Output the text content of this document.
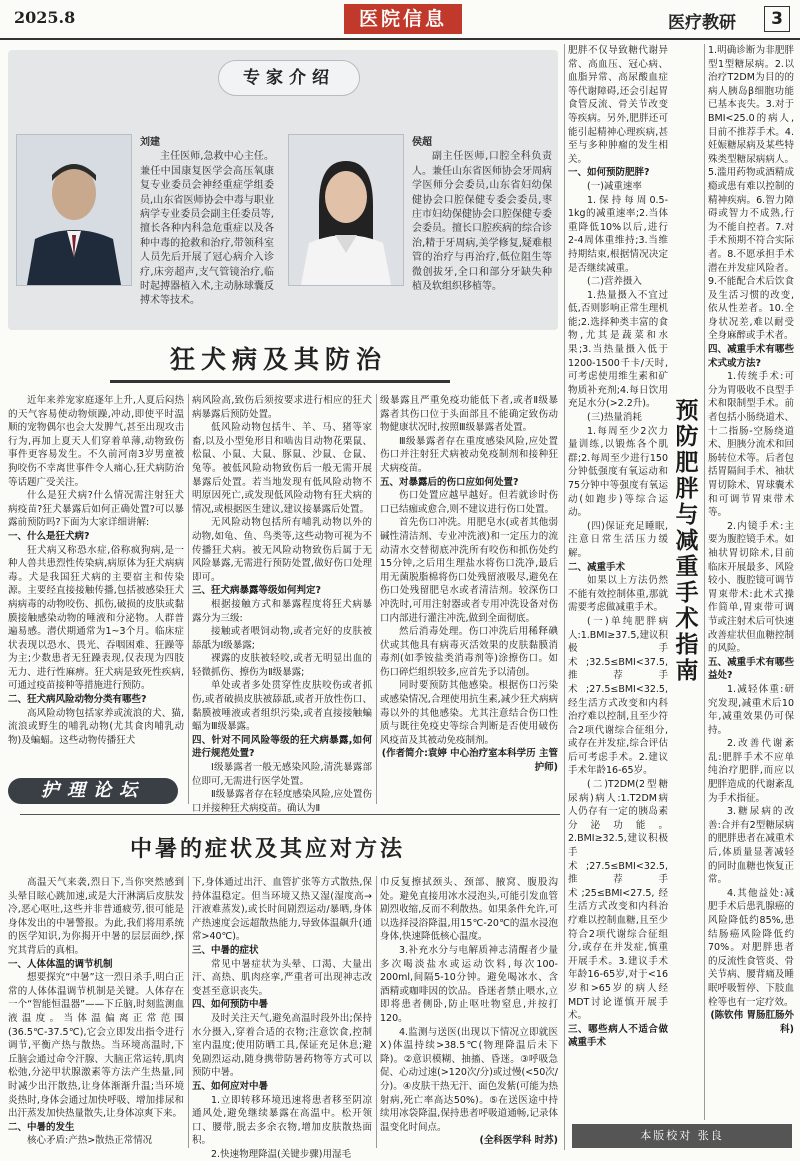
2025.8	医院信息	医疗教研	3
专家介绍

刘建

主任医师,急救中心主任。兼任中国康复医学会高压氧康复专业委员会神经重症学组委员,山东省医师协会中毒与职业病学专业委员会副主任委员等,擅长各种内科急危重症以及各种中毒的抢救和治疗,带领科室人员先后开展了冠心病介入诊疗,床旁超声,支气管镜治疗,临时起搏器植入术,主动脉球囊反搏术等技术。

侯超

副主任医师,口腔全科负责人。兼任山东省医师协会牙周病学医师分会委员,山东省妇幼保健协会口腔保健专委会委员,枣庄市妇幼保健协会口腔保健专委会委员。擅长口腔疾病的综合诊治,精于牙周病,美学修复,疑难根管的治疗与再治疗,低位阻生等微创拔牙,全口和部分牙缺失种植及软组织移植等。

狂犬病及其防治

近年来养宠家庭逐年上升,人夏后闷热的天气容易使动物烦躁,冲动,即使平时温顺的宠物偶尔也会大发脾气,甚至出现攻击行为,再加上夏天人们穿着单薄,动物致伤事件更容易发生。不久前河南3岁男童被狗咬伤不幸离世事件令人痛心,狂犬病防治等话题广受关注。

什么是狂犬病?什么情况需注射狂犬病疫苗?狂犬暴露后如何正确处置?可以暴露前预防吗?下面为大家详细讲解:

一、什么是狂犬病?

狂犬病又称恐水症,俗称疯狗病,是一种人兽共患烈性传染病,病原体为狂犬病病毒。犬是我国狂犬病的主要宿主和传染源。主要经直接接触传播,包括被感染狂犬病病毒的动物咬伤、抓伤,破损的皮肤或黏膜接触感染动物的唾液和分泌物。人群普遍易感。潜伏期通常为1~3个月。临床症状表现以恐水、畏光、吞咽困难、狂躁等为主;少数患者无狂躁表现,仅表现为四肢无力、进行性麻痹。狂犬病是致死性疾病,可通过疫苗接种等措施进行预防。

二、狂犬病风险动物分类有哪些?

高风险动物包括家养或流浪的犬、猫,流浪或野生的哺乳动物(尤其食肉哺乳动物)及蝙蝠。这些动物传播狂犬

病风险高,致伤后须按要求进行相应的狂犬病暴露后预防处置。

低风险动物包括牛、羊、马、猪等家畜,以及小型兔形目和啮齿目动物花栗鼠、松鼠、小鼠、大鼠、豚鼠、沙鼠、仓鼠、兔等。被低风险动物致伤后一般无需开展暴露后处置。若当地发现有低风险动物不明原因死亡,或发现低风险动物有狂犬病的情况,或根据医生建议,建议接暴露后处置。

无风险动物包括所有哺乳动物以外的动物,如龟、鱼、鸟类等,这些动物可视为不传播狂犬病。被无风险动物致伤后属于无风险暴露,无需进行预防处置,做好伤口处理即可。

三、狂犬病暴露等级如何判定?

根据接触方式和暴露程度将狂犬病暴露分为三级:

接触或者喂饲动物,或者完好的皮肤被舔舐为Ⅰ级暴露;

裸露的皮肤被轻咬,或者无明显出血的轻微抓伤、擦伤为Ⅱ级暴露;

单处或者多处贯穿性皮肤咬伤或者抓伤,或者破损皮肤被舔舐,或者开放性伤口、黏膜被唾液或者组织污染,或者直接接触蝙蝠为Ⅲ级暴露。

四、针对不同风险等级的狂犬病暴露,如何进行规范处置?

Ⅰ级暴露者一般无感染风险,清洗暴露部位即可,无需进行医学处置。

Ⅱ级暴露者存在轻度感染风险,应处置伤口并接种狂犬病疫苗。确认为Ⅱ

级暴露且严重免疫功能低下者,或者Ⅱ级暴露者其伤口位于头面部且不能确定致伤动物健康状况时,按照Ⅲ级暴露者处置。

Ⅲ级暴露者存在重度感染风险,应处置伤口并注射狂犬病被动免疫制剂和接种狂犬病疫苗。

五、对暴露后的伤口应如何处置?

伤口处置应越早越好。但若就诊时伤口已结痂或愈合,则不建议进行伤口处置。

首先伤口冲洗。用肥皂水(或者其他弱碱性清洁剂、专业冲洗液)和一定压力的流动清水交替彻底冲洗所有咬伤和抓伤处约15分钟,之后用生理盐水将伤口洗净,最后用无菌脱脂棉将伤口处残留液吸尽,避免在伤口处残留肥皂水或者清洁剂。较深伤口冲洗时,可用注射器或者专用冲洗设备对伤口内部进行灌注冲洗,做到全面彻底。

然后消毒处理。伤口冲洗后用稀释碘伏或其他具有病毒灭活效果的皮肤黏膜消毒剂(如季铵盐类消毒剂等)涂擦伤口。如伤口碎烂组织较多,应首先予以清创。

同时要预防其他感染。根据伤口污染或感染情况,合理使用抗生素,减少狂犬病病毒以外的其他感染。尤其注意结合伤口性质与既往免疫史等综合判断是否使用破伤风疫苗及其被动免疫制剂。

(作者简介:袁婷 中心治疗室本科学历 主管护师)

护理论坛
中暑的症状及其应对方法

高温天气来袭,烈日下,当你突然感到头晕目眩心跳加速,或是大汗淋漓后皮肤发冷,恶心呕吐,这些并非普通疲劳,很可能是身体发出的中暑警报。为此,我们将用系统的医学知识,为你揭开中暑的层层面纱,探究其背后的真相。

一、人体体温的调节机制

想要探究“中暑”这一烈日杀手,明白正常的人体体温调节机制是关键。人体存在一个“智能恒温器”——下丘脑,时刻监测血液温度。当体温偏离正常范围(36.5℃-37.5℃),它会立即发出指令进行调节,平衡产热与散热。当环境高温时,下丘脑会通过命令汗腺、大脑正常运转,肌肉松弛,分泌甲状腺激素等方法产生热量,同时减少出汗散热,让身体渐渐升温;当环境炎热时,身体会通过加快呼吸、增加排尿和出汗蒸发加快热量散失,让身体凉爽下来。

二、中暑的发生

核心矛盾:产热>散热正常情况

下,身体通过出汗、血管扩张等方式散热,保持体温稳定。但当环境又热又湿(湿度高→汗液难蒸发),或长时间剧烈运动/暴晒,身体产热速度会远超散热能力,导致体温飙升(通常>40℃)。

三、中暑的症状

常见中暑症状为头晕、口渴、大量出汗、高热、肌肉痉挛,严重者可出现神志改变甚至意识丧失。

四、如何预防中暑

及时关注天气,避免高温时段外出;保持水分摄入,穿着合适的衣物;注意饮食,控制室内温度;使用防晒工具,保证充足休息;避免剧烈运动,随身携带防暑药物等方式可以预防中暑。

五、如何应对中暑

1.立即转移环境迅速将患者移至阴凉通风处,避免继续暴露在高温中。松开领口、腰带,脱去多余衣物,增加皮肤散热面积。

2.快速物理降温(关键步骤)用湿毛

巾反复擦拭颈头、颈部、腋窝、腹股沟处。避免直接用冰水浸泡头,可能引发血管剧烈收缩,反而不利散热。如果条件允许,可以选择浸浴降温,用15℃-20℃的温水浸泡身体,快速降低核心温度。

3.补充水分与电解质神志清醒者少量多次喝淡盐水或运动饮料,每次100-200ml,间隔5-10分钟。避免喝冰水、含酒精或咖啡因的饮品。昏迷者禁止喂水,立即将患者侧卧,防止呕吐物窒息,并按打120。

4.监测与送医(出现以下情况立即就医Ⅹ)体温持续>38.5℃(物理降温后未下降)。②意识模糊、抽搐、昏迷。③呼吸急促、心动过速(>120次/分)或过慢(<50次/分)。④皮肤干热无汗、面色发紫(可能为热射病,死亡率高达50%)。⑤在送医途中持续用冰袋降温,保持患者呼吸道通畅,记录体温变化时间点。

(全科医学科 时苏)

肥胖不仅导致糖代谢异常、高血压、冠心病、血脂异常、高尿酸血症等代谢障碍,还会引起胃食管反流、骨关节改变等疾病。另外,肥胖还可能引起精神心理疾病,甚至与多种肿瘤的发生相关。

一、如何预防肥胖?

(一)减重速率

1.保持每周0.5-1kg的减重速率;2.当体重降低10%以后,进行2-4周体重维持;3.当维持期结束,根据情况决定是否继续减重。

(二)营养摄入

1.热量摄入不宜过低,否则影响正常生理机能;2.选择种类丰富的食物,尤其是蔬菜和水果;3.当热量摄入低于1200-1500千卡/天时,可考虑使用维生素和矿物质补充剂;4.每日饮用充足水分(>2.2升)。

(三)热量消耗

1.每周至少2次力量训练,以锻炼各个肌群;2.每周至少进行150分钟低强度有氧运动和75分钟中等强度有氧运动(如跑步)等综合运动。

(四)保证充足睡眠,注意日常生活压力缓解。

二、减重手术

如果以上方法仍然不能有效控制体重,那就需要考虑做减重手术。

(一)单纯肥胖病人:1.BMI≥37.5,建议积极手术;32.5≤BMI<37.5,推荐手术;27.5≤BMI<32.5,经生活方式改变和内科治疗难以控制,且至少符合2项代谢综合征组分,或存在并发症,综合评估后可考虑手术。2.建议手术年龄16-65岁。

(二)T2DM(2型糖尿病)病人:1.T2DM病人仍存有一定的胰岛素分泌功能。2.BMI≥32.5,建议积极手术;27.5≤BMI<32.5,推荐手术;25≤BMI<27.5,经生活方式改变和内科治疗难以控制血糖,且至少符合2项代谢综合征组分,或存在并发症,慎重开展手术。3.建议手术年龄16-65岁,对于<16岁和>65岁的病人经MDT讨论谨慎开展手术。

三、哪些病人不适合做减重手术

预防肥胖与减重手术指南

1.明确诊断为非肥胖型1型糖尿病。2.以治疗T2DM为目的的病人胰岛β细胞功能已基本丧失。3.对于BMI<25.0的病人,目前不推荐手术。4.妊娠糖尿病及某些特殊类型糖尿病病人。5.滥用药物或酒精成瘾或患有难以控制的精神疾病。6.智力障碍或智力不成熟,行为不能自控者。7.对手术预期不符合实际者。8.不愿承担手术潜在并发症风险者。9.不能配合术后饮食及生活习惯的改变,依从性差者。10.全身状况差,难以耐受全身麻醉或手术者。

四、减重手术有哪些术式或方法?

1.传统手术:可分为胃吸收不良型手术和限制型手术。前者包括小肠绕道术、十二指肠-空肠绕道术、胆胰分流术和回肠转位术等。后者包括胃隔间手术、袖状胃切除术、胃球囊术和可调节胃束带术等。

2.内镜手术:主要为腹腔镜手术。如袖状胃切除术,目前临床开展最多、风险较小、腹腔镜可调节胃束带术:此术式操作简单,胃束带可调节或注射术后可快速改善症状但血糖控制的风险。

五、减重手术有哪些益处?

1.减轻体重:研究发现,减重术后10年,减重效果仍可保持。

2.改善代谢紊乱:肥胖手术不应单纯治疗肥胖,而应以肥胖造成的代谢紊乱为手术指征。

3.糖尿病的改善:合并有2型糖尿病的肥胖患者在减重术后,体质量显著减轻的同时血糖也恢复正常。

4.其他益处:减肥手术后患乳腺癌的风险降低约85%,患结肠癌风险降低约70%。对肥胖患者的反流性食管炎、骨关节病、腰背痛及睡眠呼吸暂停、下肢血栓等也有一定疗效。

(陈钦伟 胃肠肛肠外科)

本版校对 张良
